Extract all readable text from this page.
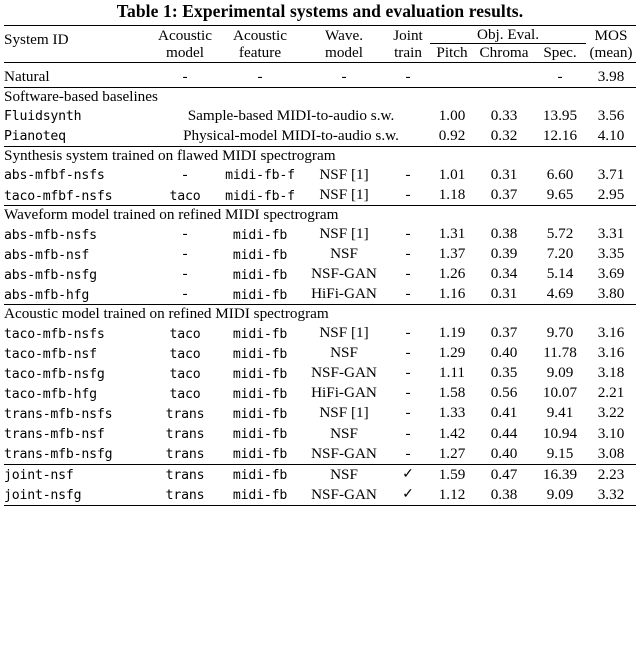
Table 1: Experimental systems and evaluation results.
System ID	Acoustic	Acoustic	Wave.	Joint	Obj. Eval.			MOS
	model	feature	model	train	Pitch	Chroma	Spec.	(mean)
Natural	-	-	-	-			-	3.98
Software-based baselines								
Fluidsynth	Sample-based MIDI-to-audio s.w.				1.00	0.33	13.95	3.56
Pianoteq	Physical-model MIDI-to-audio s.w.				0.92	0.32	12.16	4.10
Synthesis system trained on flawed MIDI spectrogram								
abs-mfbf-nsfs	-	midi-fb-f	NSF [1]	-	1.01	0.31	6.60	3.71
taco-mfbf-nsfs	taco	midi-fb-f	NSF [1]	-	1.18	0.37	9.65	2.95
Waveform model trained on refined MIDI spectrogram								
abs-mfb-nsfs	-	midi-fb	NSF [1]	-	1.31	0.38	5.72	3.31
abs-mfb-nsf	-	midi-fb	NSF	-	1.37	0.39	7.20	3.35
abs-mfb-nsfg	-	midi-fb	NSF-GAN	-	1.26	0.34	5.14	3.69
abs-mfb-hfg	-	midi-fb	HiFi-GAN	-	1.16	0.31	4.69	3.80
Acoustic model trained on refined MIDI spectrogram								
taco-mfb-nsfs	taco	midi-fb	NSF [1]	-	1.19	0.37	9.70	3.16
taco-mfb-nsf	taco	midi-fb	NSF	-	1.29	0.40	11.78	3.16
taco-mfb-nsfg	taco	midi-fb	NSF-GAN	-	1.11	0.35	9.09	3.18
taco-mfb-hfg	taco	midi-fb	HiFi-GAN	-	1.58	0.56	10.07	2.21
trans-mfb-nsfs	trans	midi-fb	NSF [1]	-	1.33	0.41	9.41	3.22
trans-mfb-nsf	trans	midi-fb	NSF	-	1.42	0.44	10.94	3.10
trans-mfb-nsfg	trans	midi-fb	NSF-GAN	-	1.27	0.40	9.15	3.08

joint-nsf	trans	midi-fb	NSF	✓	1.59	0.47	16.39	2.23
joint-nsfg	trans	midi-fb	NSF-GAN	✓	1.12	0.38	9.09	3.32
